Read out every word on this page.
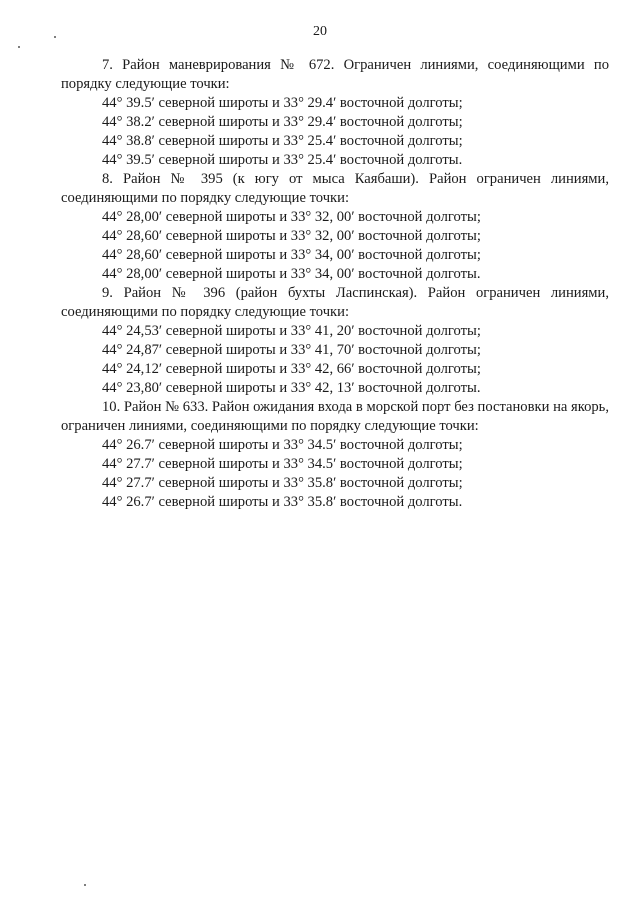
20

7. Район маневрирования № 672. Ограничен линиями, соединяющими по порядку следующие точки:

44° 39.5′ северной широты и 33° 29.4′ восточной долготы;

44° 38.2′ северной широты и 33° 29.4′ восточной долготы;

44° 38.8′ северной широты и 33° 25.4′ восточной долготы;

44° 39.5′ северной широты и 33° 25.4′ восточной долготы.

8. Район № 395 (к югу от мыса Каябаши). Район ограничен линиями, соединяющими по порядку следующие точки:

44° 28,00′ северной широты и 33° 32, 00′ восточной долготы;

44° 28,60′ северной широты и 33° 32, 00′ восточной долготы;

44° 28,60′ северной широты и 33° 34, 00′ восточной долготы;

44° 28,00′ северной широты и 33° 34, 00′ восточной долготы.

9. Район № 396 (район бухты Ласпинская). Район ограничен линиями, соединяющими по порядку следующие точки:

44° 24,53′ северной широты и 33° 41, 20′ восточной долготы;

44° 24,87′ северной широты и 33° 41, 70′ восточной долготы;

44° 24,12′ северной широты и 33° 42, 66′ восточной долготы;

44° 23,80′ северной широты и 33° 42, 13′ восточной долготы.

10. Район № 633. Район ожидания входа в морской порт без постановки на якорь, ограничен линиями, соединяющими по порядку следующие точки:

44° 26.7′ северной широты и 33° 34.5′ восточной долготы;

44° 27.7′ северной широты и 33° 34.5′ восточной долготы;

44° 27.7′ северной широты и 33° 35.8′ восточной долготы;

44° 26.7′ северной широты и 33° 35.8′ восточной долготы.
